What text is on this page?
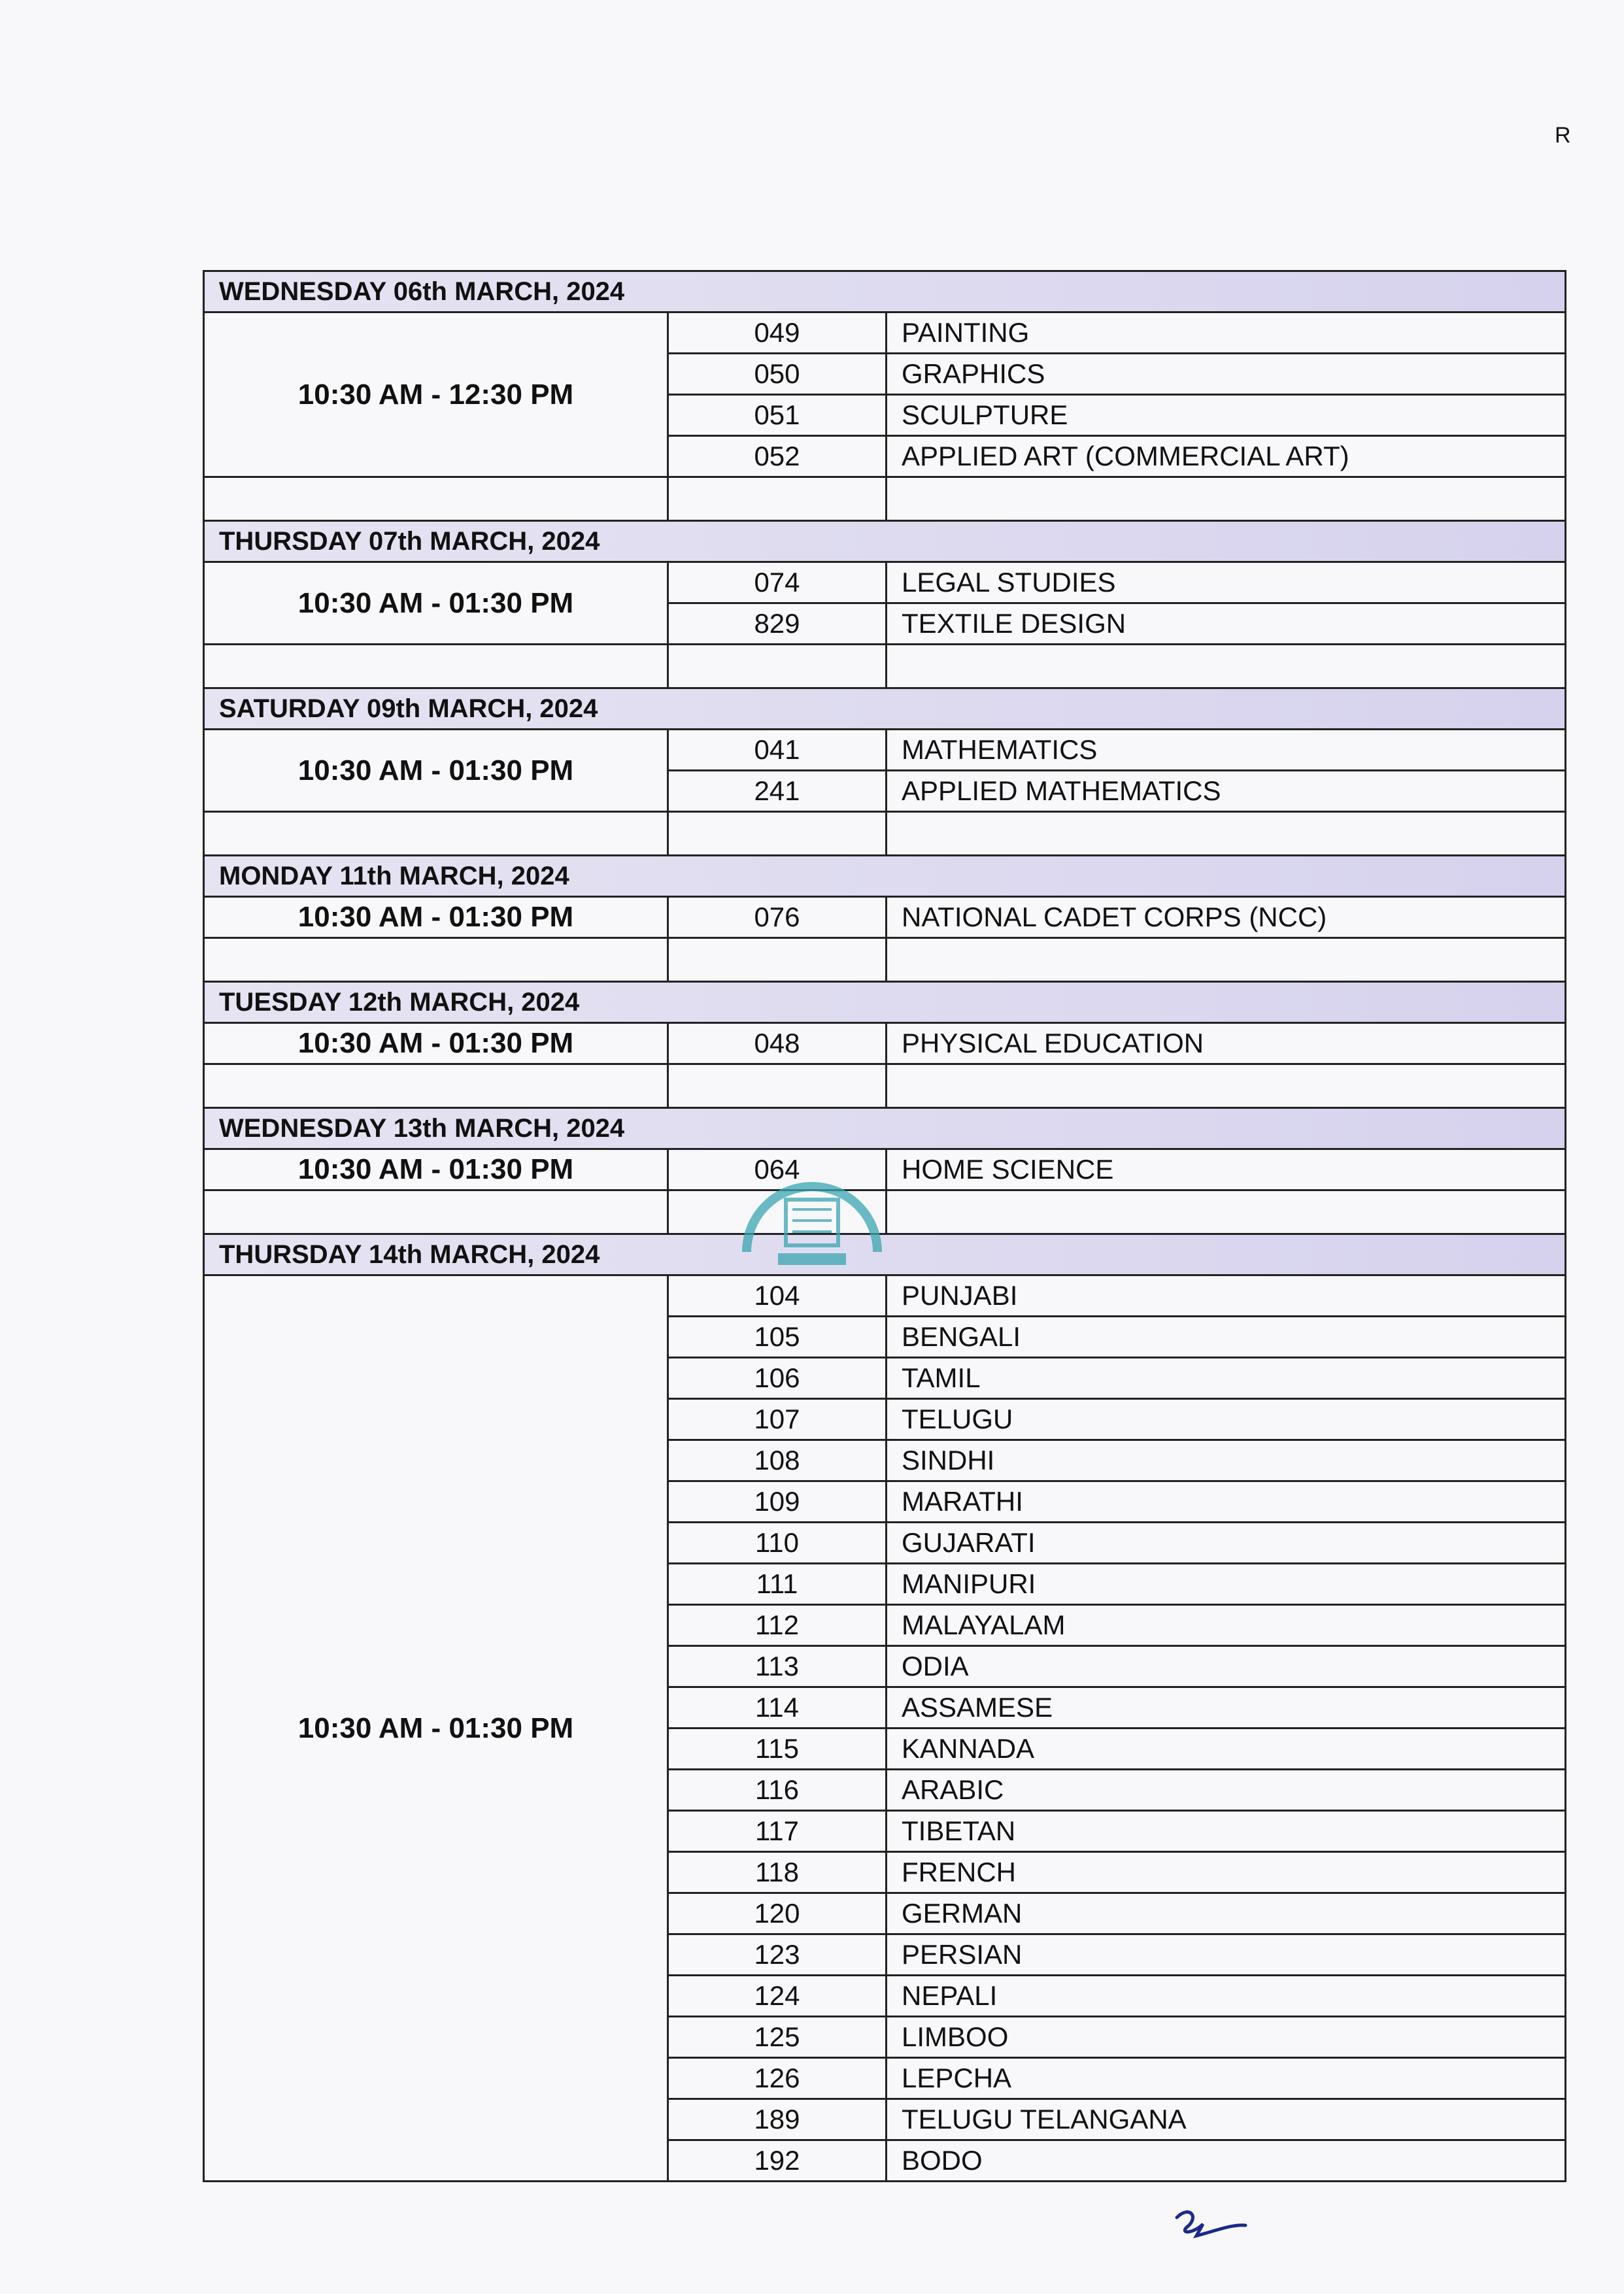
R
WEDNESDAY 06th MARCH, 2024		
10:30 AM - 12:30 PM	049	PAINTING
	050	GRAPHICS
	051	SCULPTURE
	052	APPLIED ART (COMMERCIAL ART)

THURSDAY 07th MARCH, 2024		
10:30 AM - 01:30 PM	074	LEGAL STUDIES
	829	TEXTILE DESIGN

SATURDAY 09th MARCH, 2024		
10:30 AM - 01:30 PM	041	MATHEMATICS
	241	APPLIED MATHEMATICS

MONDAY 11th MARCH, 2024		
10:30 AM - 01:30 PM	076	NATIONAL CADET CORPS (NCC)

TUESDAY 12th MARCH, 2024		
10:30 AM - 01:30 PM	048	PHYSICAL EDUCATION

WEDNESDAY 13th MARCH, 2024		
10:30 AM - 01:30 PM	064	HOME SCIENCE

THURSDAY 14th MARCH, 2024		
10:30 AM - 01:30 PM	104	PUNJABI
	105	BENGALI
	106	TAMIL
	107	TELUGU
	108	SINDHI
	109	MARATHI
	110	GUJARATI
	111	MANIPURI
	112	MALAYALAM
	113	ODIA
	114	ASSAMESE
	115	KANNADA
	116	ARABIC
	117	TIBETAN
	118	FRENCH
	120	GERMAN
	123	PERSIAN
	124	NEPALI
	125	LIMBOO
	126	LEPCHA
	189	TELUGU TELANGANA
	192	BODO
